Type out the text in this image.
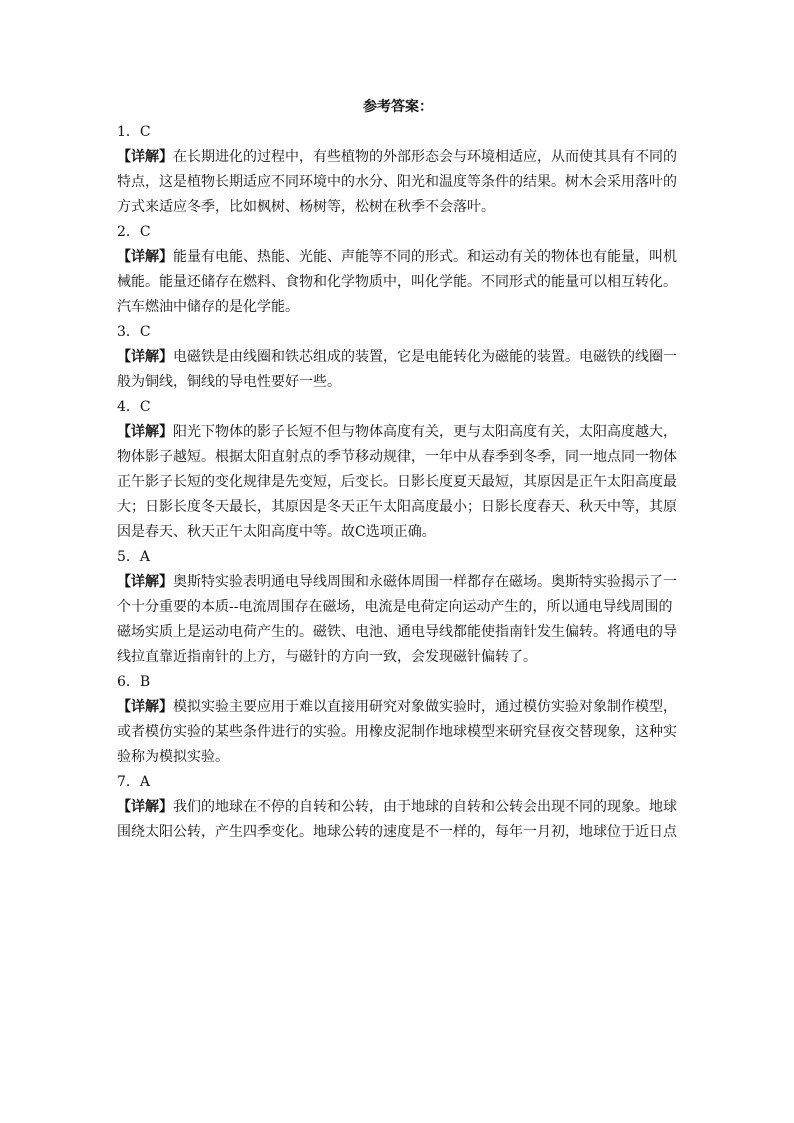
参考答案：

1．C

【详解】在长期进化的过程中，有些植物的外部形态会与环境相适应，从而使其具有不同的

特点，这是植物长期适应不同环境中的水分、阳光和温度等条件的结果。树木会采用落叶的

方式来适应冬季，比如枫树、杨树等，松树在秋季不会落叶。

2．C

【详解】能量有电能、热能、光能、声能等不同的形式。和运动有关的物体也有能量，叫机

械能。能量还储存在燃料、食物和化学物质中，叫化学能。不同形式的能量可以相互转化。

汽车燃油中储存的是化学能。

3．C

【详解】电磁铁是由线圈和铁芯组成的装置，它是电能转化为磁能的装置。电磁铁的线圈一

般为铜线，铜线的导电性要好一些。

4．C

【详解】阳光下物体的影子长短不但与物体高度有关，更与太阳高度有关，太阳高度越大，

物体影子越短。根据太阳直射点的季节移动规律，一年中从春季到冬季，同一地点同一物体

正午影子长短的变化规律是先变短，后变长。日影长度夏天最短，其原因是正午太阳高度最

大；日影长度冬天最长，其原因是冬天正午太阳高度最小；日影长度春天、秋天中等，其原

因是春天、秋天正午太阳高度中等。故C选项正确。

5．A

【详解】奥斯特实验表明通电导线周围和永磁体周围一样都存在磁场。奥斯特实验揭示了一

个十分重要的本质--电流周围存在磁场，电流是电荷定向运动产生的，所以通电导线周围的

磁场实质上是运动电荷产生的。磁铁、电池、通电导线都能使指南针发生偏转。将通电的导

线拉直靠近指南针的上方，与磁针的方向一致，会发现磁针偏转了。

6．B

【详解】模拟实验主要应用于难以直接用研究对象做实验时，通过模仿实验对象制作模型，

或者模仿实验的某些条件进行的实验。用橡皮泥制作地球模型来研究昼夜交替现象，这种实

验称为模拟实验。

7．A

【详解】我们的地球在不停的自转和公转，由于地球的自转和公转会出现不同的现象。地球

围绕太阳公转，产生四季变化。地球公转的速度是不一样的，每年一月初，地球位于近日点
